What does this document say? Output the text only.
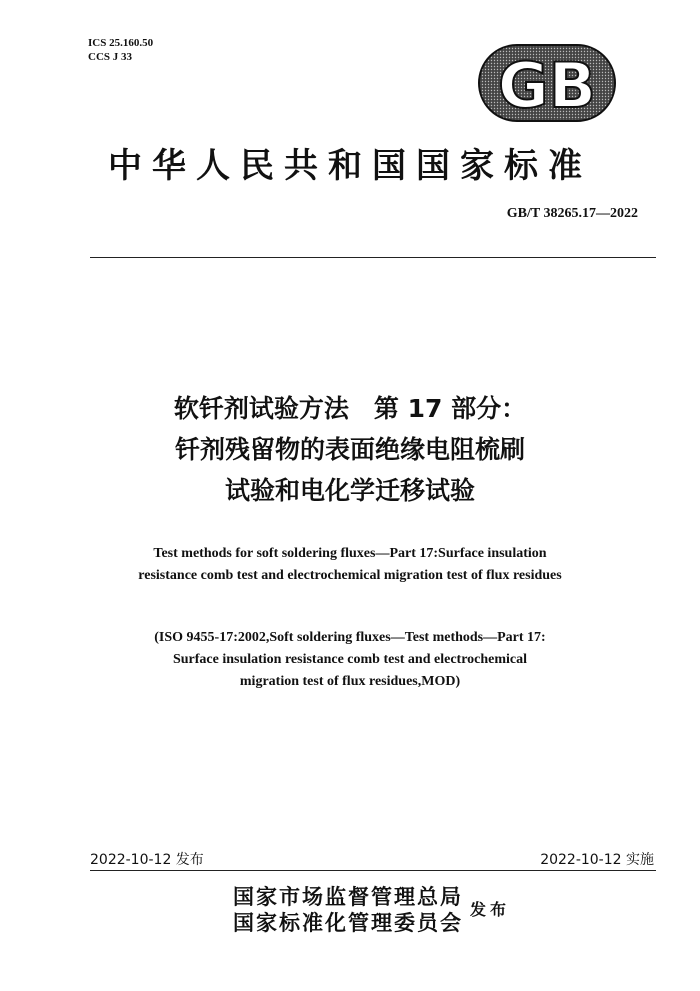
ICS 25.160.50
CCS J 33	GB
中华人民共和国国家标准
GB/T 38265.17—2022
软钎剂试验方法　第 17 部分：
钎剂残留物的表面绝缘电阻梳刷
试验和电化学迁移试验
Test methods for soft soldering fluxes—Part 17:Surface insulation
resistance comb test and electrochemical migration test of flux residues
(ISO 9455-17:2002,Soft soldering fluxes—Test methods—Part 17:
Surface insulation resistance comb test and electrochemical
migration test of flux residues,MOD)
2022-10-12 发布	2022-10-12 实施
国家市场监督管理总局
国家标准化管理委员会
发布
